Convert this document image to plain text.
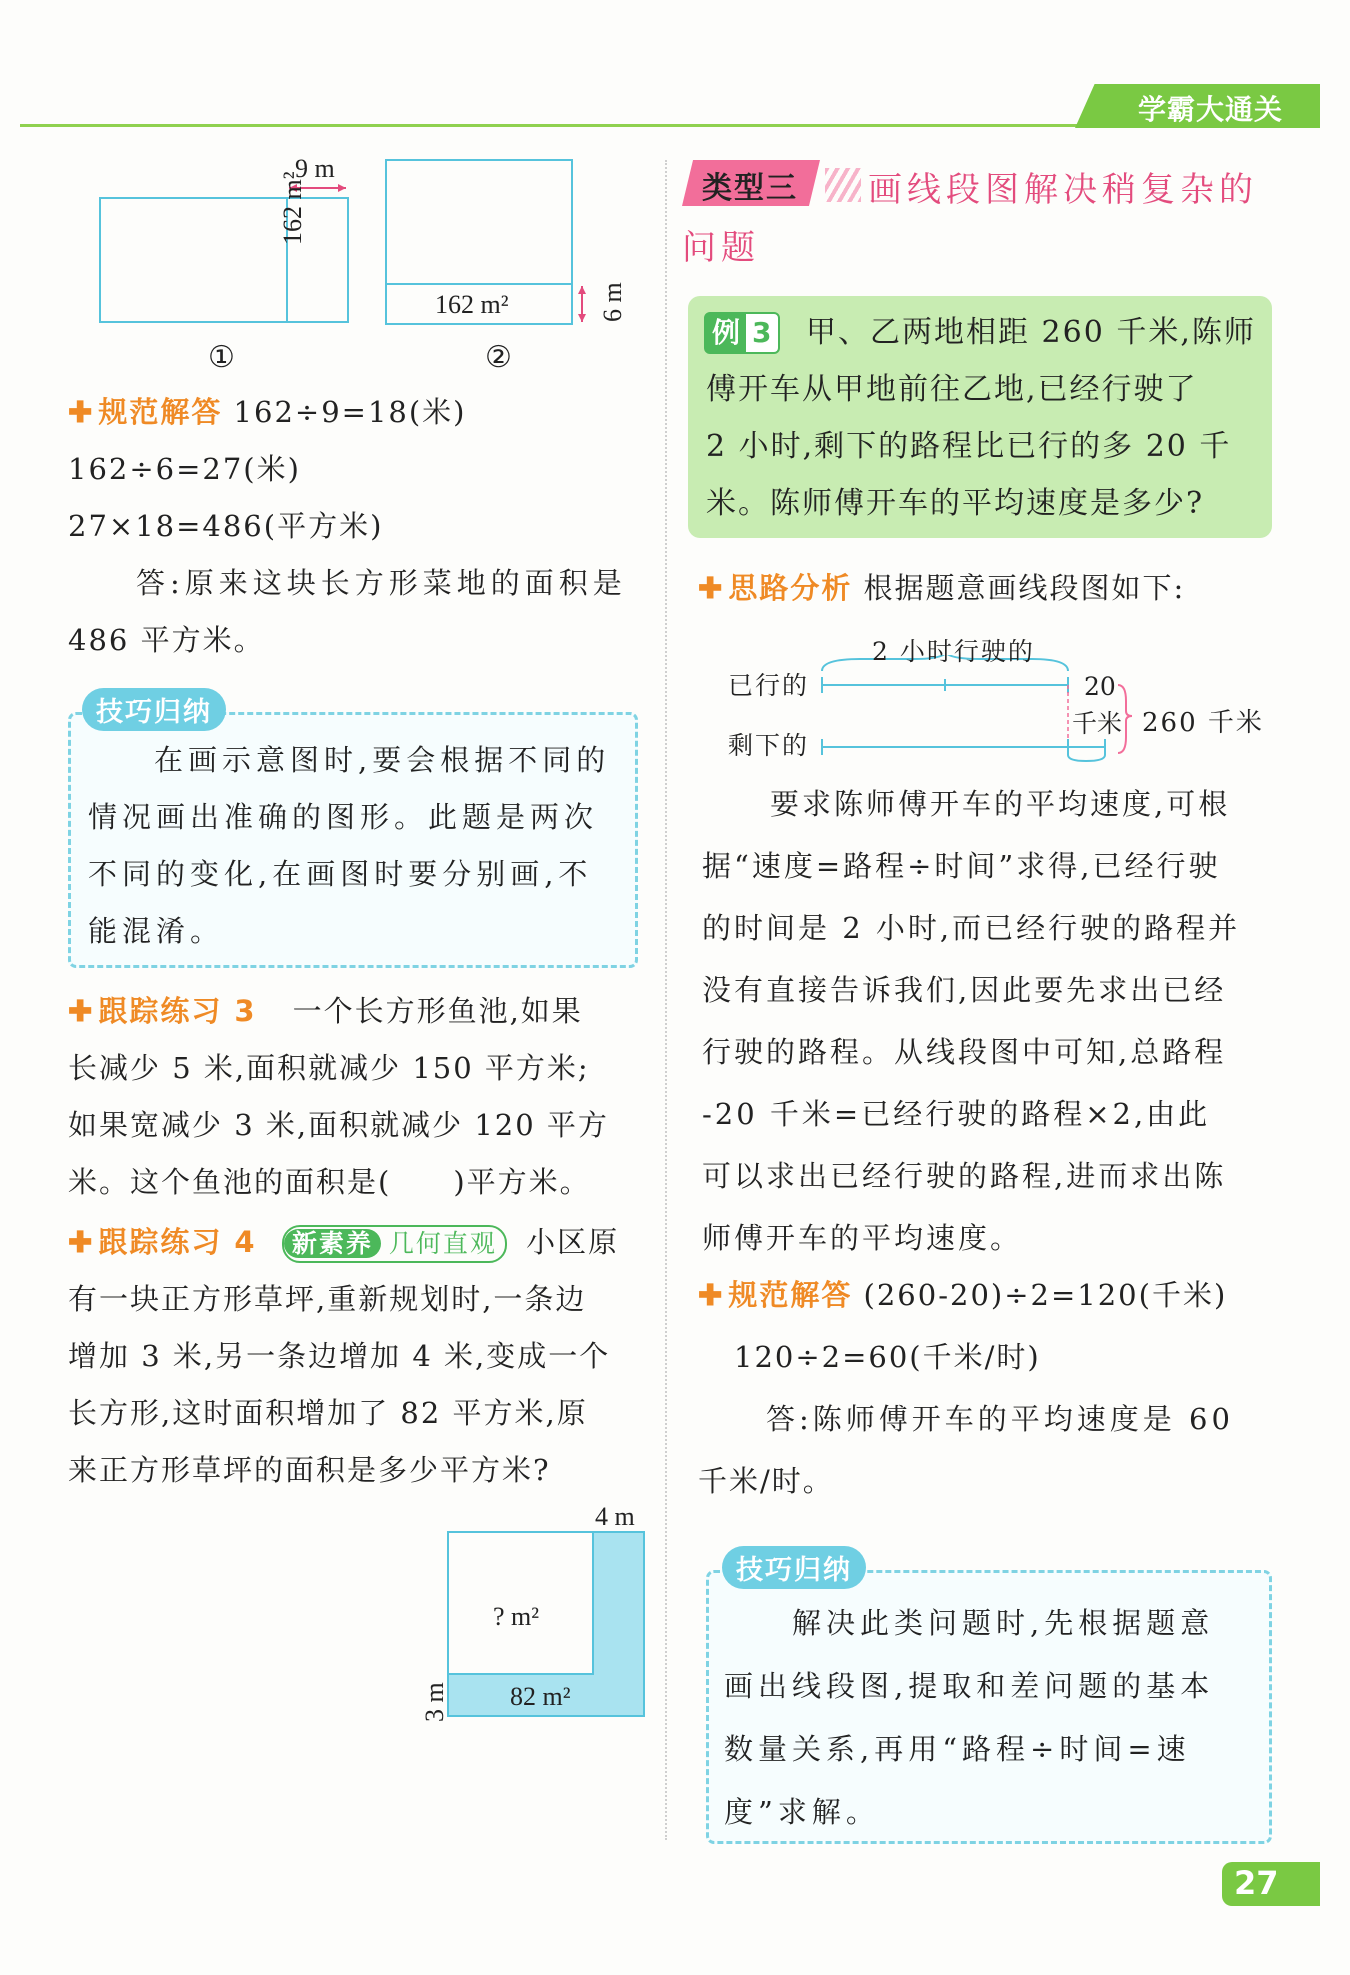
学霸大通关
9 m
162 m²
①
162 m²	6 m
②
✚ 规范解答 162÷9=18(米)
162÷6=27(米)
27×18=486(平方米)
答:原来这块长方形菜地的面积是
486 平方米。
技巧归纳
在画示意图时,要会根据不同的
情况画出准确的图形。此题是两次
不同的变化,在画图时要分别画,不
能混淆。
✚ 跟踪练习 3 一个长方形鱼池,如果
长减少 5 米,面积就减少 150 平方米;
如果宽减少 3 米,面积就减少 120 平方
米。这个鱼池的面积是(　　)平方米。
✚ 跟踪练习 4 新素养 几何直观 小区原
有一块正方形草坪,重新规划时,一条边
增加 3 米,另一条边增加 4 米,变成一个
长方形,这时面积增加了 82 平方米,原
来正方形草坪的面积是多少平方米?
4 m
? m²
82 m²
3 m
类型三 画线段图解决稍复杂的
问题
例 3	甲、乙两地相距 260 千米,陈师
傅开车从甲地前往乙地,已经行驶了
2 小时,剩下的路程比已行的多 20 千
米。陈师傅开车的平均速度是多少?
✚ 思路分析 根据题意画线段图如下:
2 小时行驶的
已行的
剩下的
20
千米 260 千米
要求陈师傅开车的平均速度,可根
据“速度=路程÷时间”求得,已经行驶
的时间是 2 小时,而已经行驶的路程并
没有直接告诉我们,因此要先求出已经
行驶的路程。从线段图中可知,总路程
-20 千米=已经行驶的路程×2,由此
可以求出已经行驶的路程,进而求出陈
师傅开车的平均速度。
✚ 规范解答 (260-20)÷2=120(千米)
120÷2=60(千米/时)
答:陈师傅开车的平均速度是 60
千米/时。
技巧归纳
解决此类问题时,先根据题意
画出线段图,提取和差问题的基本
数量关系,再用“路程÷时间=速
度”求解。
27
